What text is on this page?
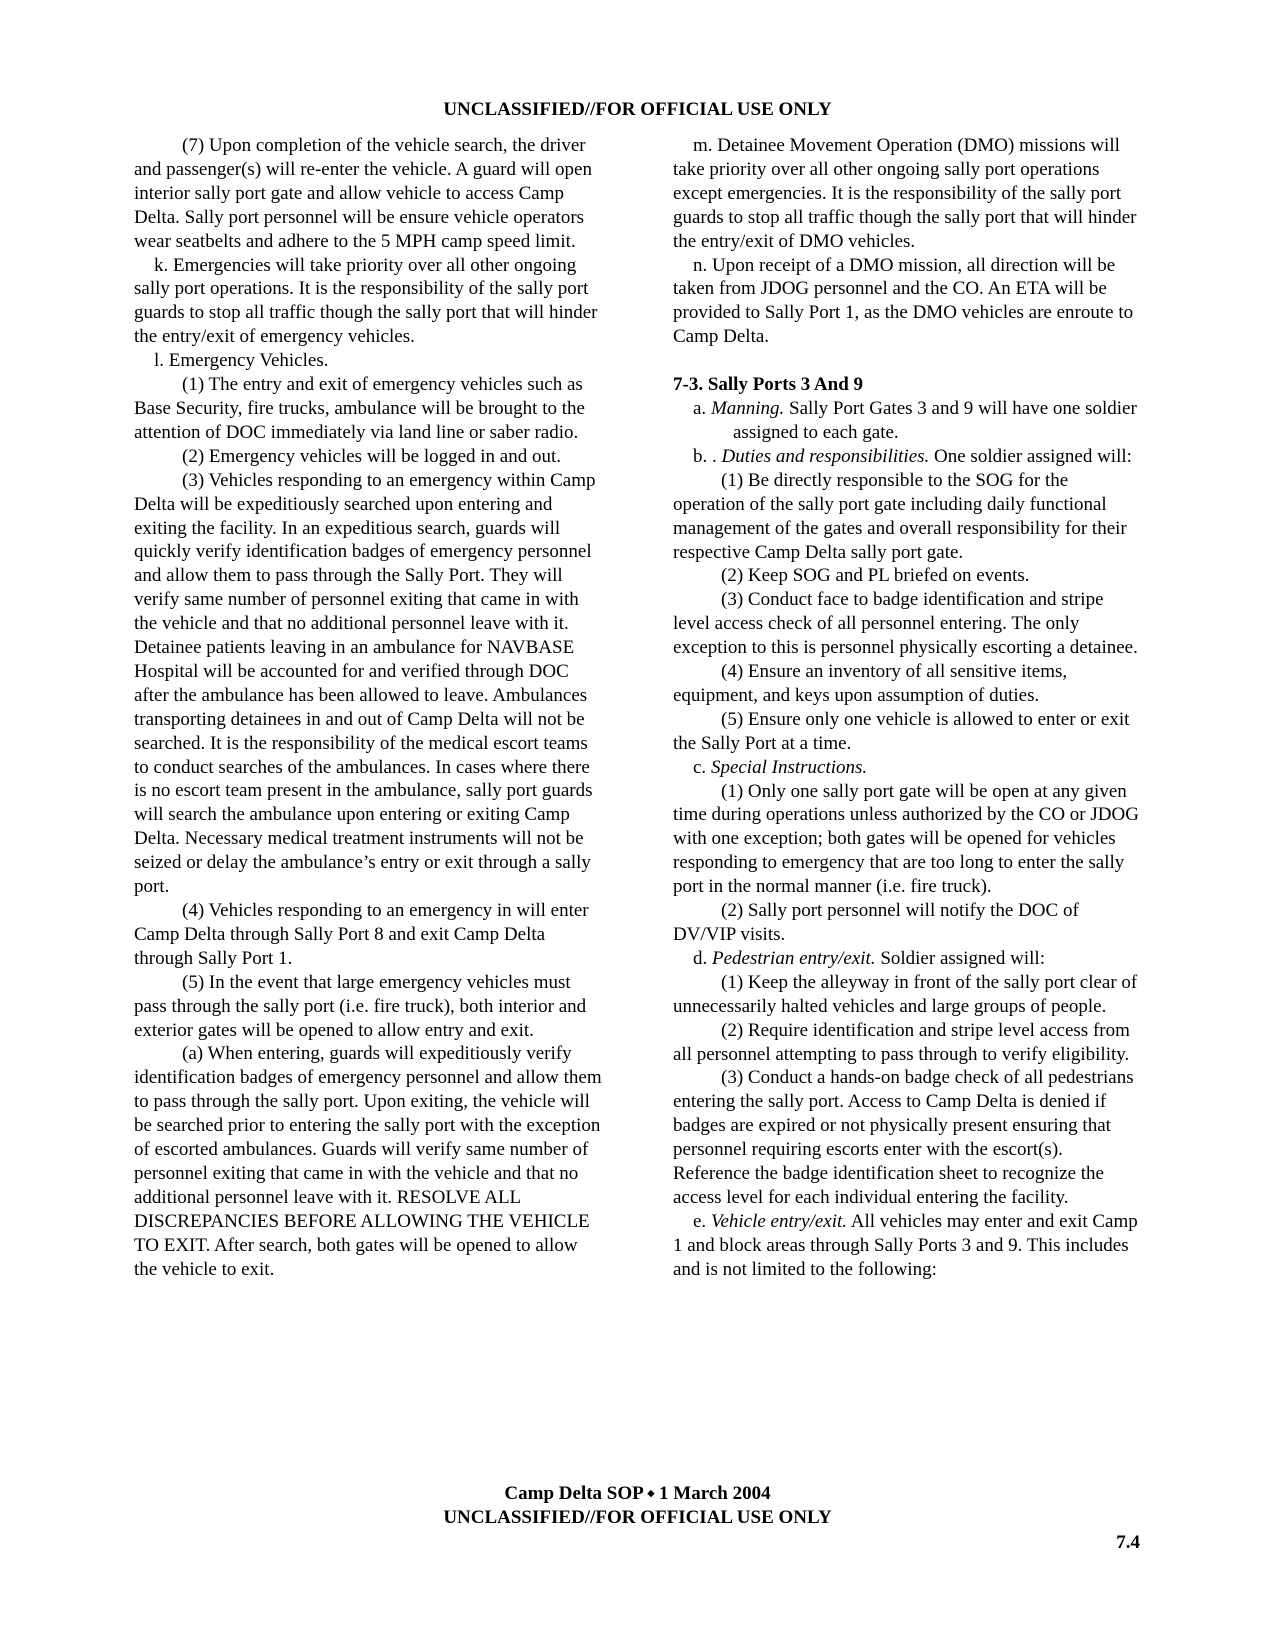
UNCLASSIFIED//FOR OFFICIAL USE ONLY

(7) Upon completion of the vehicle search, the driver and passenger(s) will re-enter the vehicle. A guard will open interior sally port gate and allow vehicle to access Camp Delta. Sally port personnel will be ensure vehicle operators wear seatbelts and adhere to the 5 MPH camp speed limit.

k. Emergencies will take priority over all other ongoing sally port operations. It is the responsibility of the sally port guards to stop all traffic though the sally port that will hinder the entry/exit of emergency vehicles.

l. Emergency Vehicles.

(1) The entry and exit of emergency vehicles such as Base Security, fire trucks, ambulance will be brought to the attention of DOC immediately via land line or saber radio.

(2) Emergency vehicles will be logged in and out.

(3) Vehicles responding to an emergency within Camp Delta will be expeditiously searched upon entering and exiting the facility. In an expeditious search, guards will quickly verify identification badges of emergency personnel and allow them to pass through the Sally Port. They will verify same number of personnel exiting that came in with the vehicle and that no additional personnel leave with it. Detainee patients leaving in an ambulance for NAVBASE Hospital will be accounted for and verified through DOC after the ambulance has been allowed to leave. Ambulances transporting detainees in and out of Camp Delta will not be searched. It is the responsibility of the medical escort teams to conduct searches of the ambulances. In cases where there is no escort team present in the ambulance, sally port guards will search the ambulance upon entering or exiting Camp Delta. Necessary medical treatment instruments will not be seized or delay the ambulance’s entry or exit through a sally port.

(4) Vehicles responding to an emergency in will enter Camp Delta through Sally Port 8 and exit Camp Delta through Sally Port 1.

(5) In the event that large emergency vehicles must pass through the sally port (i.e. fire truck), both interior and exterior gates will be opened to allow entry and exit.

(a) When entering, guards will expeditiously verify identification badges of emergency personnel and allow them to pass through the sally port. Upon exiting, the vehicle will be searched prior to entering the sally port with the exception of escorted ambulances. Guards will verify same number of personnel exiting that came in with the vehicle and that no additional personnel leave with it. RESOLVE ALL DISCREPANCIES BEFORE ALLOWING THE VEHICLE TO EXIT. After search, both gates will be opened to allow the vehicle to exit.

m. Detainee Movement Operation (DMO) missions will take priority over all other ongoing sally port operations except emergencies. It is the responsibility of the sally port guards to stop all traffic though the sally port that will hinder the entry/exit of DMO vehicles.

n. Upon receipt of a DMO mission, all direction will be taken from JDOG personnel and the CO. An ETA will be provided to Sally Port 1, as the DMO vehicles are enroute to Camp Delta.

7-3. Sally Ports 3 And 9

a. Manning. Sally Port Gates 3 and 9 will have one soldier assigned to each gate.

b. . Duties and responsibilities. One soldier assigned will:

(1) Be directly responsible to the SOG for the operation of the sally port gate including daily functional management of the gates and overall responsibility for their respective Camp Delta sally port gate.

(2) Keep SOG and PL briefed on events.

(3) Conduct face to badge identification and stripe level access check of all personnel entering. The only exception to this is personnel physically escorting a detainee.

(4) Ensure an inventory of all sensitive items, equipment, and keys upon assumption of duties.

(5) Ensure only one vehicle is allowed to enter or exit the Sally Port at a time.

c. Special Instructions.

(1) Only one sally port gate will be open at any given time during operations unless authorized by the CO or JDOG with one exception; both gates will be opened for vehicles responding to emergency that are too long to enter the sally port in the normal manner (i.e. fire truck).

(2) Sally port personnel will notify the DOC of DV/VIP visits.

d. Pedestrian entry/exit. Soldier assigned will:

(1) Keep the alleyway in front of the sally port clear of unnecessarily halted vehicles and large groups of people.

(2) Require identification and stripe level access from all personnel attempting to pass through to verify eligibility.

(3) Conduct a hands-on badge check of all pedestrians entering the sally port. Access to Camp Delta is denied if badges are expired or not physically present ensuring that personnel requiring escorts enter with the escort(s). Reference the badge identification sheet to recognize the access level for each individual entering the facility.

e. Vehicle entry/exit. All vehicles may enter and exit Camp 1 and block areas through Sally Ports 3 and 9. This includes and is not limited to the following:

Camp Delta SOP ⬩ 1 March 2004
UNCLASSIFIED//FOR OFFICIAL USE ONLY
7.4
